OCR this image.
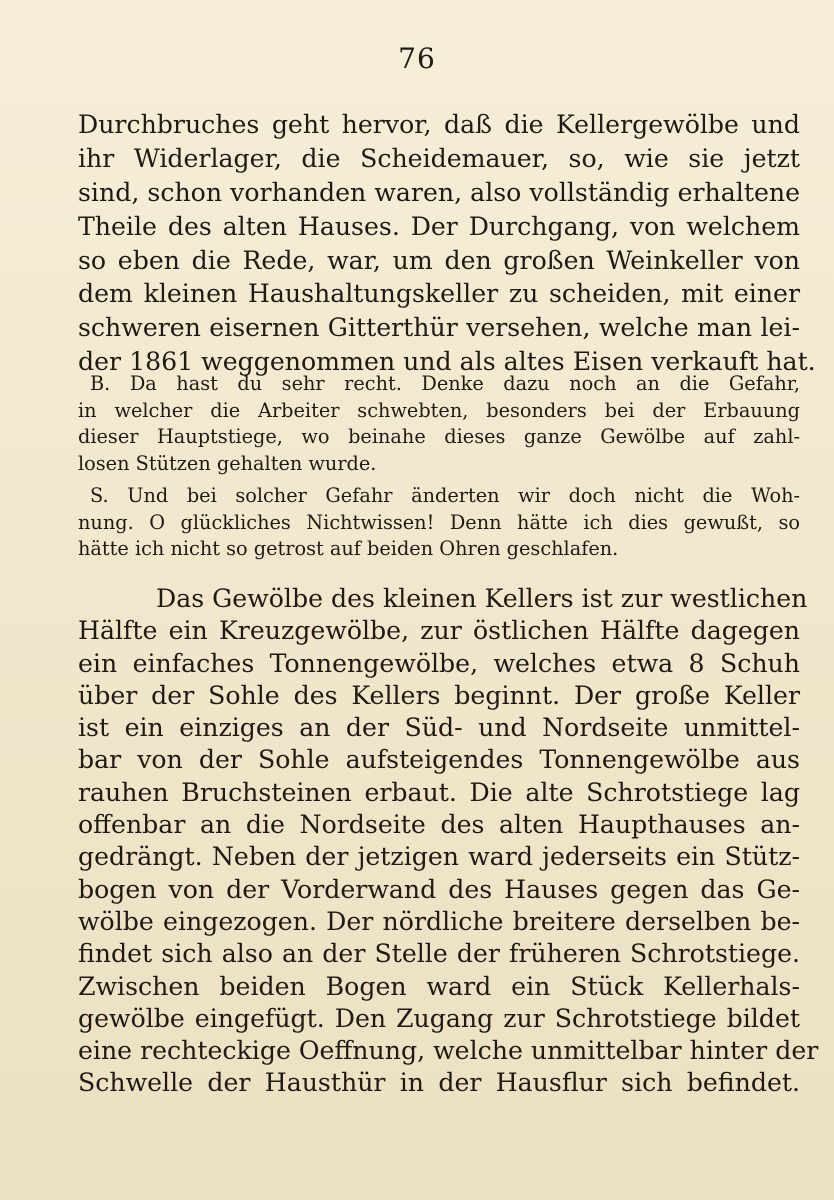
76
Durchbruches geht hervor, daß die Kellergewölbe und
ihr Widerlager, die Scheidemauer, so, wie sie jetzt
sind, schon vorhanden waren, also vollständig erhaltene
Theile des alten Hauses. Der Durchgang, von welchem
so eben die Rede, war, um den großen Weinkeller von
dem kleinen Haushaltungskeller zu scheiden, mit einer
schweren eisernen Gitterthür versehen, welche man lei-
der 1861 weggenommen und als altes Eisen verkauft hat.
B. Da hast du sehr recht. Denke dazu noch an die Gefahr,
in welcher die Arbeiter schwebten, besonders bei der Erbauung
dieser Hauptstiege, wo beinahe dieses ganze Gewölbe auf zahl-
losen Stützen gehalten wurde.
S. Und bei solcher Gefahr änderten wir doch nicht die Woh-
nung. O glückliches Nichtwissen! Denn hätte ich dies gewußt, so
hätte ich nicht so getrost auf beiden Ohren geschlafen.
Das Gewölbe des kleinen Kellers ist zur westlichen
Hälfte ein Kreuzgewölbe, zur östlichen Hälfte dagegen
ein einfaches Tonnengewölbe, welches etwa 8 Schuh
über der Sohle des Kellers beginnt. Der große Keller
ist ein einziges an der Süd- und Nordseite unmittel-
bar von der Sohle aufsteigendes Tonnengewölbe aus
rauhen Bruchsteinen erbaut. Die alte Schrotstiege lag
offenbar an die Nordseite des alten Haupthauses an-
gedrängt. Neben der jetzigen ward jederseits ein Stütz-
bogen von der Vorderwand des Hauses gegen das Ge-
wölbe eingezogen. Der nördliche breitere derselben be-
findet sich also an der Stelle der früheren Schrotstiege.
Zwischen beiden Bogen ward ein Stück Kellerhals-
gewölbe eingefügt. Den Zugang zur Schrotstiege bildet
eine rechteckige Oeffnung, welche unmittelbar hinter der
Schwelle der Hausthür in der Hausflur sich befindet.
